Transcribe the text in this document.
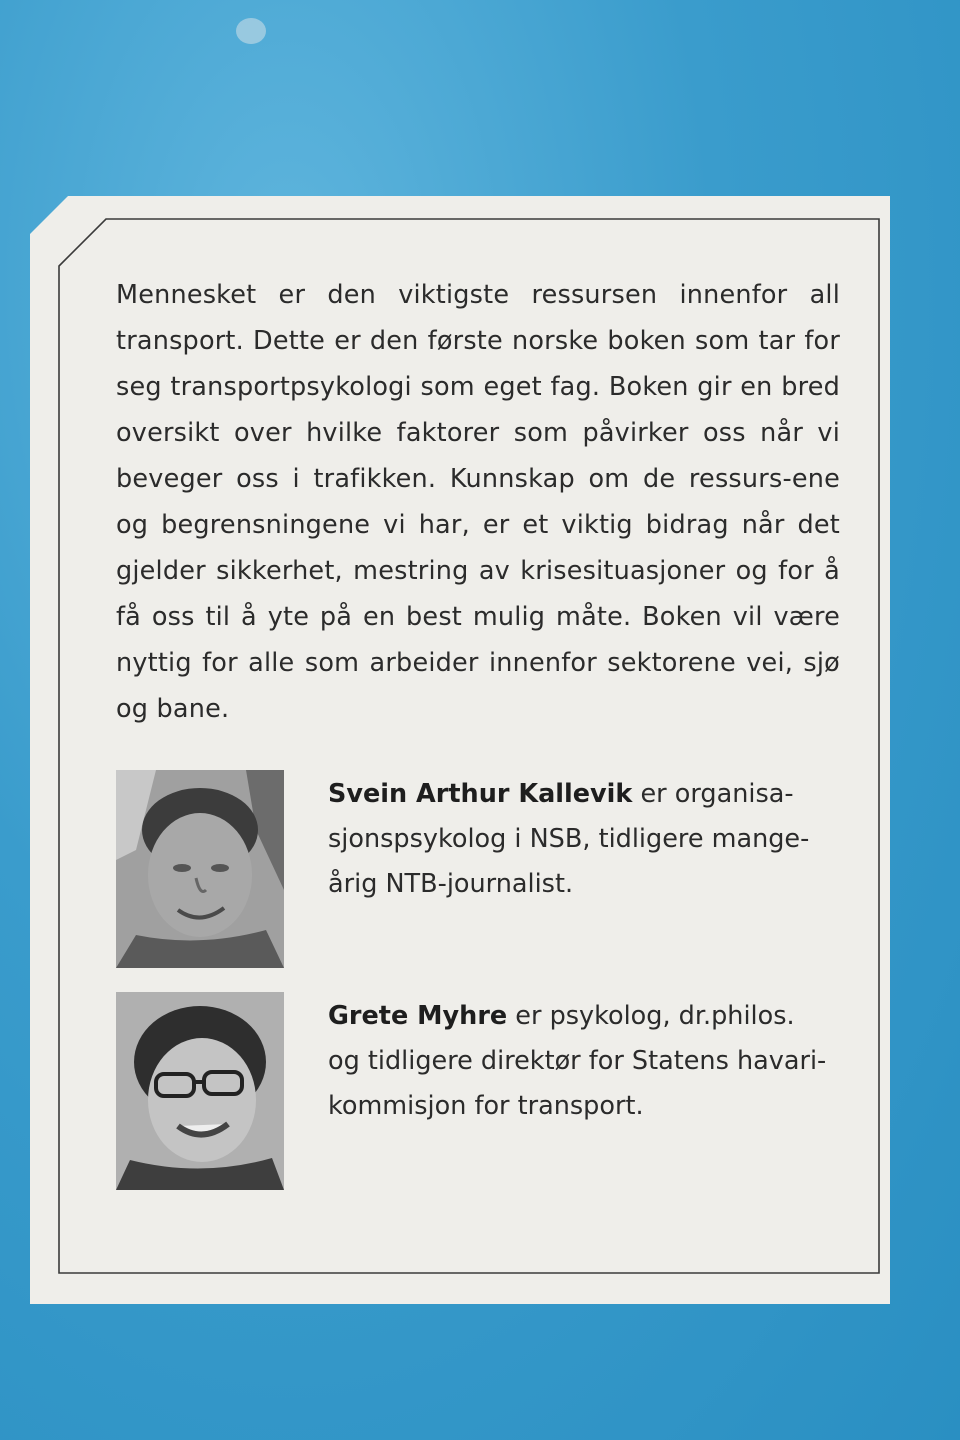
Mennesket er den viktigste ressursen innenfor all transport. Dette er den første norske boken som tar for seg transportpsykologi som eget fag. Boken gir en bred oversikt over hvilke faktorer som påvirker oss når vi beveger oss i trafikken. Kunnskap om de ressurs-ene og begrensningene vi har, er et viktig bidrag når det gjelder sikkerhet, mestring av krisesituasjoner og for å få oss til å yte på en best mulig måte. Boken vil være nyttig for alle som arbeider innenfor sektorene vei, sjø og bane.

Svein Arthur Kallevik er organisa-sjonspsykolog i NSB, tidligere mange-årig NTB-journalist.
Grete Myhre er psykolog, dr.philos. og tidligere direktør for Statens havari-kommisjon for transport.
